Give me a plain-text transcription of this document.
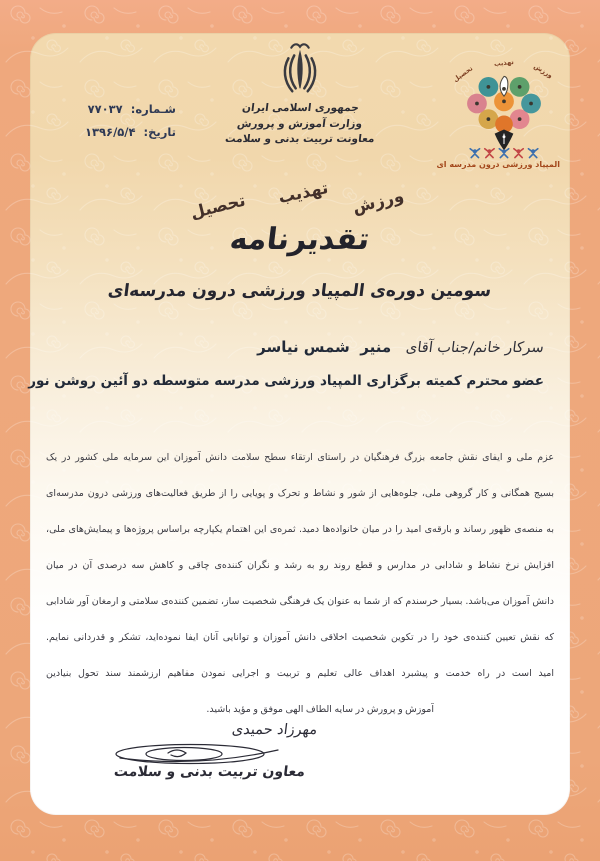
شـماره: ۷۷۰۳۷
تاریخ: ۱۳۹۶/۵/۴
جمهوری اسلامی ایران
وزارت آموزش و پرورش
معاونت تربیت بدنی و سلامت
تحصیل
تهذیب	ورزش
المپیاد ورزشی درون مدرسه ای
تحصیل تهذیب ورزش
تقدیرنامه
سومین دوره‌ی المپیاد ورزشی درون مدرسه‌ای
سرکار خانم/جناب آقای منیر  شمس نیاسر
عضو محترم کمیته برگزاری المپیاد ورزشی مدرسه متوسطه دو آئین روشن نور
عزم ملی و ایفای نقش جامعه بزرگ فرهنگیان در راستای ارتقاء سطح سلامت دانش آموزان این سرمایه ملی کشور در یک
بسیج همگانی و کار گروهی ملی، جلوه‌هایی از شور و نشاط و تحرک و پویایی را از طریق فعالیت‌های ورزشی درون مدرسه‌ای
به منصه‌ی ظهور رساند و بارقه‌ی امید را در میان خانواده‌ها دمید. ثمره‌ی این اهتمام یکپارچه براساس پروژه‌ها و پیمایش‌های ملی،
افزایش نرخ نشاط و شادابی در مدارس و قطع روند رو به رشد و نگران کننده‌ی چاقی و کاهش سه درصدی آن در میان
دانش آموزان می‌باشد. بسیار خرسندم که از شما به عنوان یک فرهنگی شخصیت ساز، تضمین کننده‌ی سلامتی و ارمغان آور شادابی
که نقش تعیین کننده‌ی خود را در تکوین شخصیت اخلاقی دانش آموزان و توانایی آنان ایفا نموده‌اید، تشکر و قدردانی نمایم.
امید است در راه خدمت و پیشبرد اهداف عالی تعلیم و تربیت و اجرایی نمودن مفاهیم ارزشمند سند تحول بنیادین
آموزش و پرورش در سایه الطاف الهی موفق و مؤید باشید.
مهرزاد حمیدی
معاون تربیت بدنی و سلامت
